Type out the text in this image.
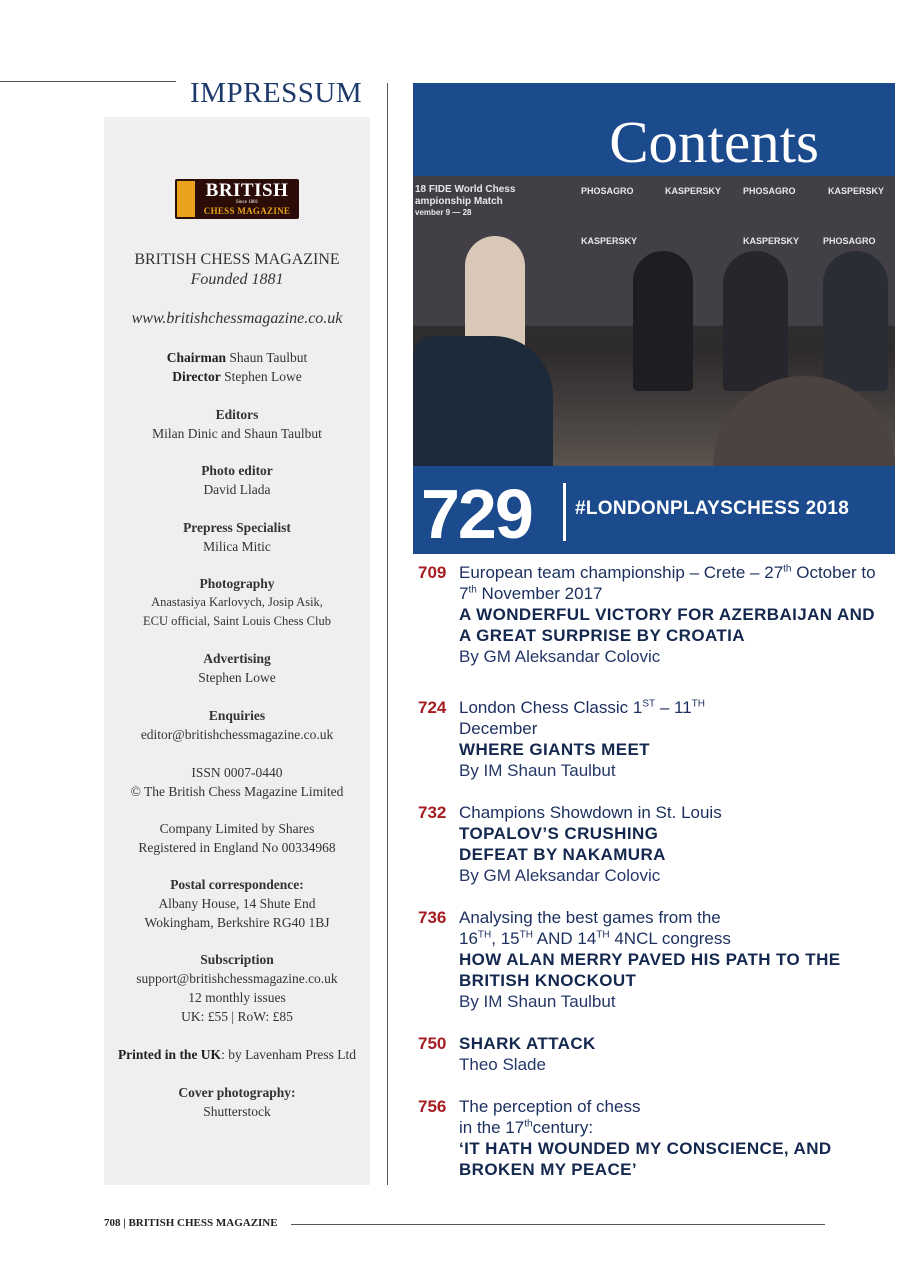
IMPRESSUM
BRITISH
Since 1881
CHESS MAGAZINE
BRITISH CHESS MAGAZINE
Founded 1881
www.britishchessmagazine.co.uk
Chairman Shaun Taulbut
Director Stephen Lowe
Editors
Milan Dinic and Shaun Taulbut
Photo editor
David Llada
Prepress Specialist
Milica Mitic
Photography
Anastasiya Karlovych, Josip Asik,
ECU official, Saint Louis Chess Club
Advertising
Stephen Lowe
Enquiries
editor@britishchessmagazine.co.uk
ISSN 0007-0440
© The British Chess Magazine Limited
Company Limited by Shares
Registered in England No 00334968
Postal correspondence:
Albany House, 14 Shute End
Wokingham, Berkshire RG40 1BJ
Subscription
support@britishchessmagazine.co.uk
12 monthly issues
UK: £55 | RoW: £85
Printed in the UK: by Lavenham Press Ltd
Cover photography:
Shutterstock
Contents
18 FIDE World Chess
ampionship Match
vember 9 — 28
PHOSAGRO	KASPERSKY PHOSAGRO	KASPERSKY
KASPERSKY	KASPERSKY	PHOSAGRO
729 #LONDONPLAYSCHESS 2018
709 European team championship – Crete – 27th October to 7th November 2017
A WONDERFUL VICTORY FOR AZERBAIJAN AND A GREAT SURPRISE BY CROATIA
By GM Aleksandar Colovic
724 London Chess Classic 1ST – 11TH
December
WHERE GIANTS MEET
By IM Shaun Taulbut
732 Champions Showdown in St. Louis
TOPALOV’S CRUSHING DEFEAT BY NAKAMURA
By GM Aleksandar Colovic
736 Analysing the best games from the
16TH, 15TH AND 14TH 4NCL congress
HOW ALAN MERRY PAVED HIS PATH TO THE BRITISH KNOCKOUT
By IM Shaun Taulbut
750 SHARK ATTACK
Theo Slade
756 The perception of chess
in the 17thcentury:
‘IT HATH WOUNDED MY CONSCIENCE, AND BROKEN MY PEACE’
708 | BRITISH CHESS MAGAZINE
